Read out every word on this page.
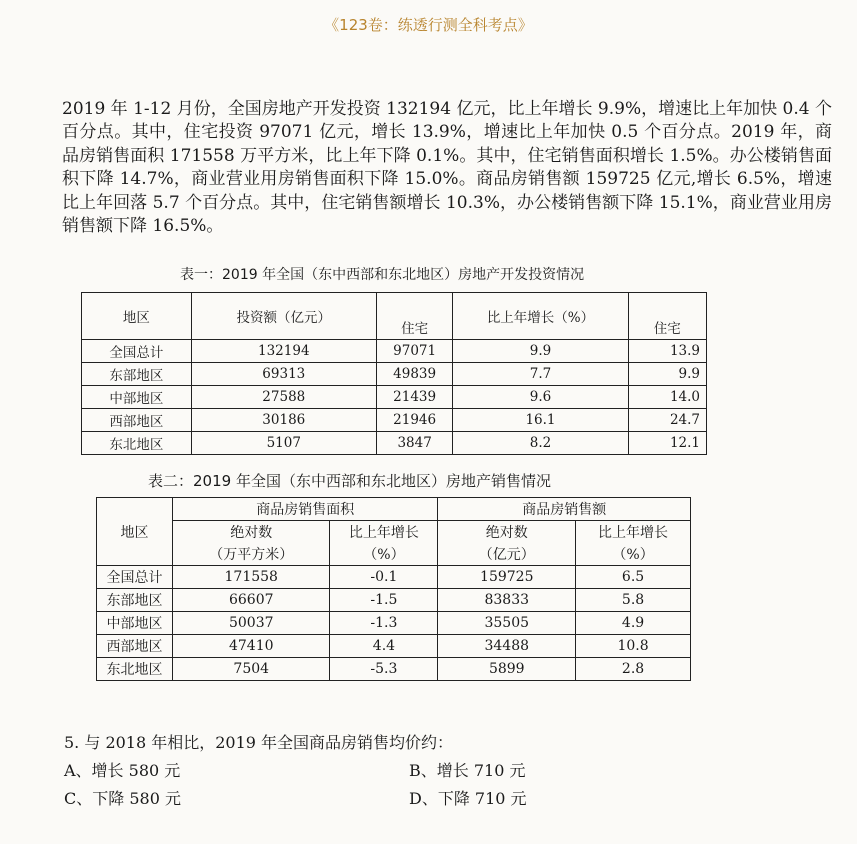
《123卷：练透行测全科考点》
2019 年 1-12 月份，全国房地产开发投资 132194 亿元，比上年增长 9.9%，增速比上年加快 0.4 个百分点。其中，住宅投资 97071 亿元，增长 13.9%，增速比上年加快 0.5 个百分点。2019 年，商品房销售面积 171558 万平方米，比上年下降 0.1%。其中，住宅销售面积增长 1.5%。办公楼销售面积下降 14.7%，商业营业用房销售面积下降 15.0%。商品房销售额 159725 亿元,增长 6.5%，增速比上年回落 5.7 个百分点。其中，住宅销售额增长 10.3%，办公楼销售额下降 15.1%，商业营业用房销售额下降 16.5%。
表一：2019 年全国（东中西部和东北地区）房地产开发投资情况
地区	投资额（亿元）		比上年增长（%）	
		住宅		住宅
全国总计	132194	97071	9.9	13.9
东部地区	69313	49839	7.7	9.9
中部地区	27588	21439	9.6	14.0
西部地区	30186	21946	16.1	24.7
东北地区	5107	3847	8.2	12.1
表二：2019 年全国（东中西部和东北地区）房地产销售情况
地区	商品房销售面积		商品房销售额	
	绝对数	比上年增长	绝对数	比上年增长
	（万平方米）	（%）	（亿元）	（%）
全国总计	171558	-0.1	159725	6.5
东部地区	66607	-1.5	83833	5.8
中部地区	50037	-1.3	35505	4.9
西部地区	47410	4.4	34488	10.8
东北地区	7504	-5.3	5899	2.8
5. 与 2018 年相比，2019 年全国商品房销售均价约：
A、增长 580 元	B、增长 710 元
C、下降 580 元	D、下降 710 元
